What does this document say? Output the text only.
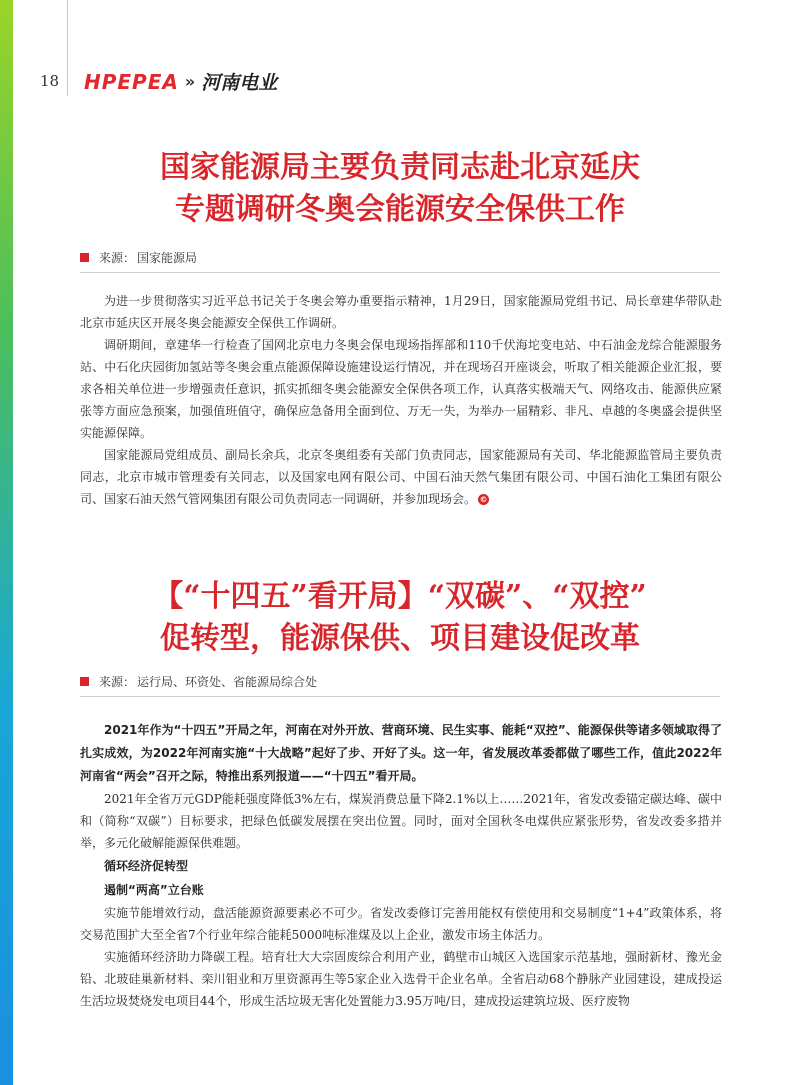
18	HPEPEA » 河南电业
国家能源局主要负责同志赴北京延庆
专题调研冬奥会能源安全保供工作
来源： 国家能源局

为进一步贯彻落实习近平总书记关于冬奥会筹办重要指示精神，1月29日，国家能源局党组书记、局长章建华带队赴北京市延庆区开展冬奥会能源安全保供工作调研。

调研期间，章建华一行检查了国网北京电力冬奥会保电现场指挥部和110千伏海坨变电站、中石油金龙综合能源服务站、中石化庆园街加氢站等冬奥会重点能源保障设施建设运行情况，并在现场召开座谈会，听取了相关能源企业汇报，要求各相关单位进一步增强责任意识，抓实抓细冬奥会能源安全保供各项工作，认真落实极端天气、网络攻击、能源供应紧张等方面应急预案，加强值班值守，确保应急备用全面到位、万无一失，为举办一届精彩、非凡、卓越的冬奥盛会提供坚实能源保障。

国家能源局党组成员、副局长余兵，北京冬奥组委有关部门负责同志，国家能源局有关司、华北能源监管局主要负责同志，北京市城市管理委有关同志，以及国家电网有限公司、中国石油天然气集团有限公司、中国石油化工集团有限公司、国家石油天然气管网集团有限公司负责同志一同调研，并参加现场会。 ©

【“十四五”看开局】“双碳”、“双控”
促转型，能源保供、项目建设促改革
来源： 运行局、环资处、省能源局综合处

2021年作为“十四五”开局之年，河南在对外开放、营商环境、民生实事、能耗“双控”、能源保供等诸多领域取得了扎实成效，为2022年河南实施“十大战略”起好了步、开好了头。这一年，省发展改革委都做了哪些工作，值此2022年河南省“两会”召开之际，特推出系列报道——“十四五”看开局。

2021年全省万元GDP能耗强度降低3%左右，煤炭消费总量下降2.1%以上……2021年，省发改委锚定碳达峰、碳中和（简称“双碳”）目标要求，把绿色低碳发展摆在突出位置。同时，面对全国秋冬电煤供应紧张形势，省发改委多措并举，多元化破解能源保供难题。

循环经济促转型

遏制“两高”立台账

实施节能增效行动，盘活能源资源要素必不可少。省发改委修订完善用能权有偿使用和交易制度“1+4”政策体系，将交易范围扩大至全省7个行业年综合能耗5000吨标准煤及以上企业，激发市场主体活力。

实施循环经济助力降碳工程。培育壮大大宗固废综合利用产业，鹤壁市山城区入选国家示范基地，强耐新材、豫光金铅、北玻硅巢新材料、栾川钼业和万里资源再生等5家企业入选骨干企业名单。全省启动68个静脉产业园建设，建成投运生活垃圾焚烧发电项目44个，形成生活垃圾无害化处置能力3.95万吨/日，建成投运建筑垃圾、医疗废物
